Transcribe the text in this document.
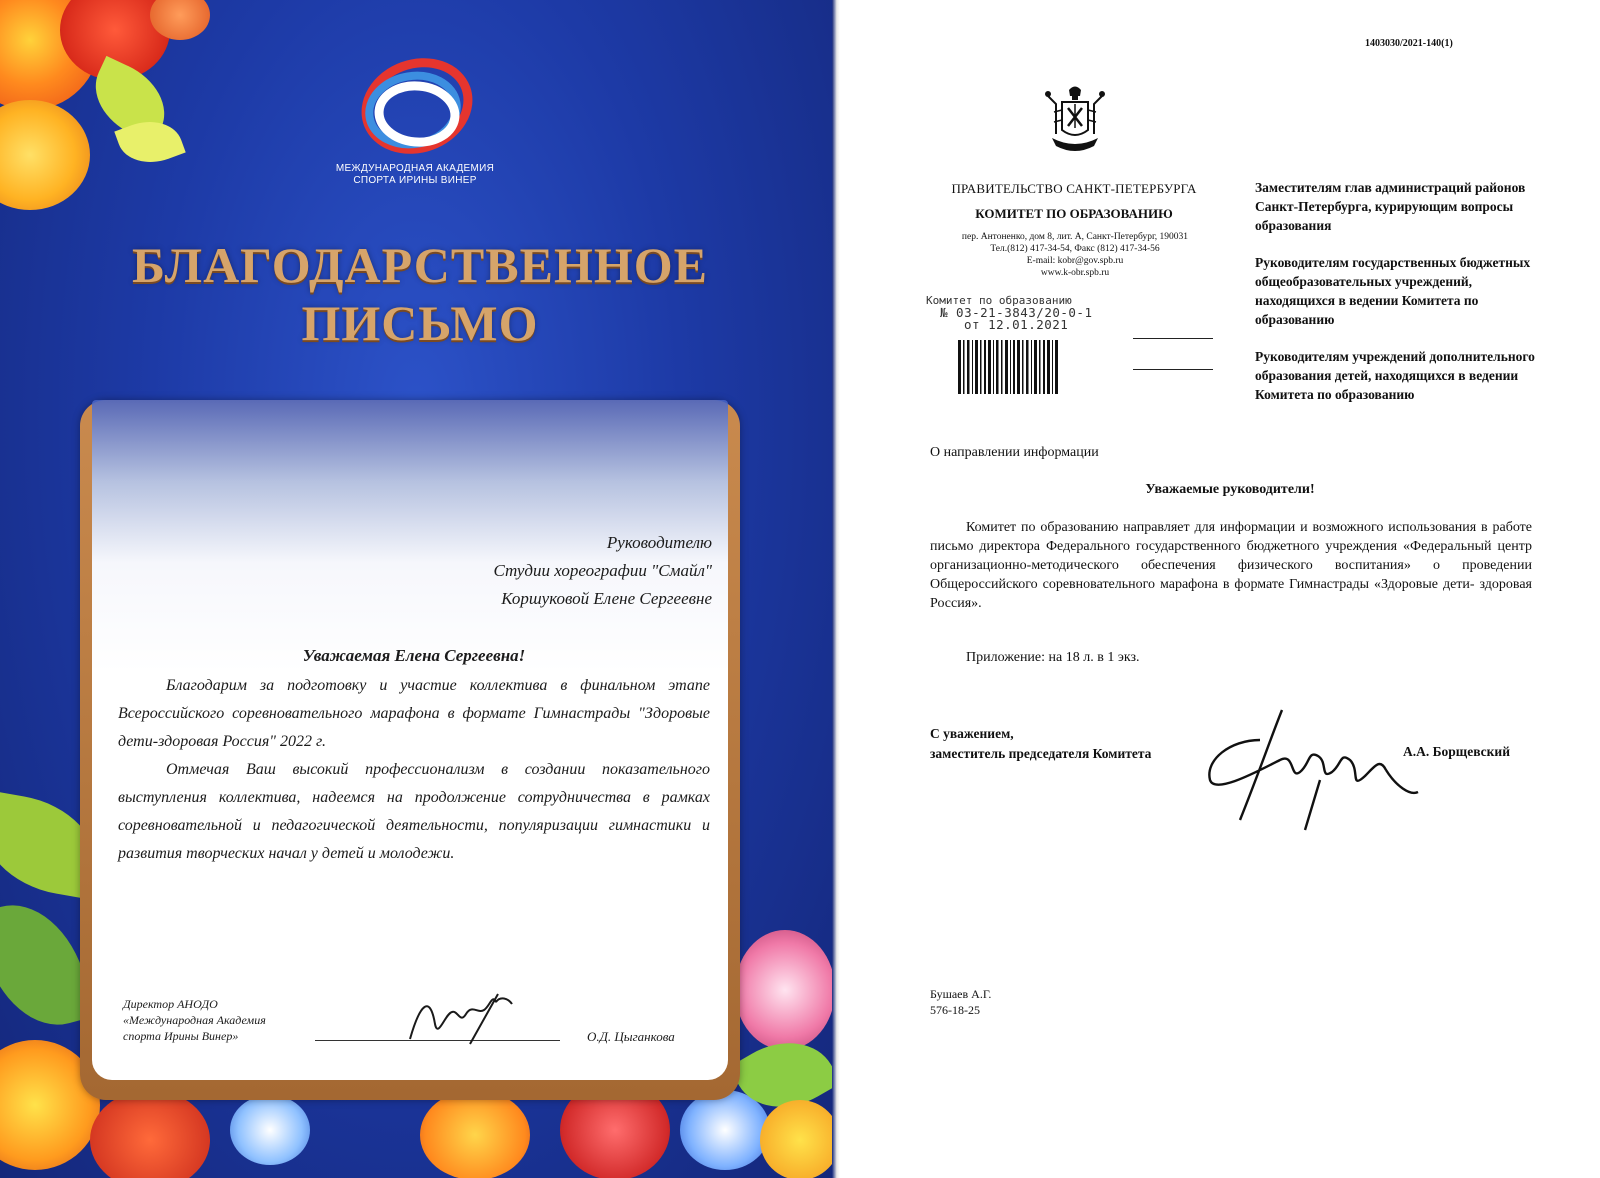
МЕЖДУНАРОДНАЯ АКАДЕМИЯ
СПОРТА ИРИНЫ ВИНЕР
БЛАГОДАРСТВЕННОЕ
ПИСЬМО
Руководителю
Студии хореографии "Смайл"
Коршуковой Елене Сергеевне
Уважаемая Елена Сергеевна!
Благодарим за подготовку и участие коллектива в финальном этапе Всероссийского соревновательного марафона в формате Гимнастрады "Здоровые дети-здоровая Россия" 2022 г.
Отмечая Ваш высокий профессионализм в создании показательного выступления коллектива, надеемся на продолжение сотрудничества в рамках соревновательной и педагогической деятельности, популяризации гимнастики и развития творческих начал у детей и молодежи.
Директор АНОДО
«Международная Академия
спорта Ирины Винер»	О.Д. Цыганкова
1403030/2021-140(1)
ПРАВИТЕЛЬСТВО САНКТ-ПЕТЕРБУРГА
КОМИТЕТ ПО ОБРАЗОВАНИЮ
пер. Антоненко, дом 8, лит. А, Санкт-Петербург, 190031
Тел.(812) 417-34-54, Факс (812) 417-34-56
E-mail: kobr@gov.spb.ru
www.k-obr.spb.ru
Комитет по образованию
№ 03-21-3843/20-0-1
от 12.01.2021
Заместителям глав администраций районов Санкт-Петербурга, курирующим вопросы образования
Руководителям государственных бюджетных общеобразовательных учреждений, находящихся в ведении Комитета по образованию
Руководителям учреждений дополнительного образования детей, находящихся в ведении Комитета по образованию
О направлении информации
Уважаемые руководители!
Комитет по образованию направляет для информации и возможного использования в работе письмо директора Федерального государственного бюджетного учреждения «Федеральный центр организационно-методического обеспечения физического воспитания» о проведении Общероссийского соревновательного марафона в формате Гимнастрады «Здоровые дети- здоровая Россия».
Приложение: на 18 л. в 1 экз.
С уважением,
заместитель председателя Комитета	А.А. Борщевский
Бушаев А.Г.
576-18-25
